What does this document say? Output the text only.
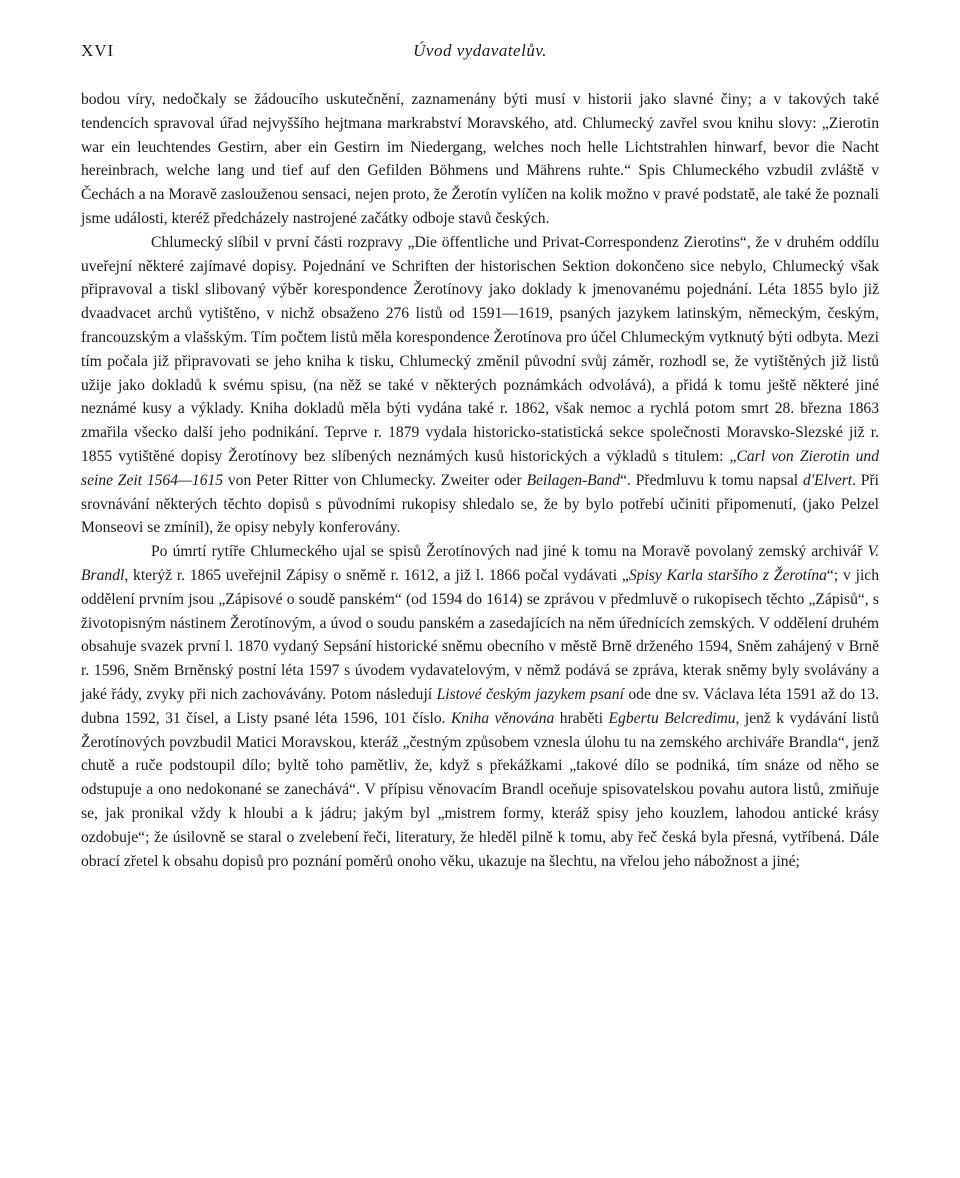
XVI	Úvod vydavatelův.

bodou víry, nedočkaly se žádoucího uskutečnění, zaznamenány býti musí v historii jako slavné činy; a v takových také tendencích spravoval úřad nejvyššího hejtmana markrabství Moravského, atd. Chlumecký zavřel svou knihu slovy: „Zierotin war ein leuchtendes Gestirn, aber ein Gestirn im Niedergang, welches noch helle Lichtstrahlen hinwarf, bevor die Nacht hereinbrach, welche lang und tief auf den Gefilden Böhmens und Mährens ruhte.“ Spis Chlumeckého vzbudil zvláště v Čechách a na Moravě zaslouženou sensaci, nejen proto, že Žerotín vylíčen na kolik možno v pravé podstatě, ale také že poznali jsme události, kteréž předcházely nastrojené začátky odboje stavů českých.

Chlumecký slíbil v první části rozpravy „Die öffentliche und Privat-Correspondenz Zierotins“, že v druhém oddílu uveřejní některé zajímavé dopisy. Pojednání ve Schriften der historischen Sektion dokončeno sice nebylo, Chlumecký však připravoval a tiskl slibovaný výběr korespondence Žerotínovy jako doklady k jmenovanému pojednání. Léta 1855 bylo již dvaadvacet archů vytištěno, v nichž obsaženo 276 listů od 1591—1619, psaných jazykem latinským, německým, českým, francouzským a vlašským. Tím počtem listů měla korespondence Žerotínova pro účel Chlumeckým vytknutý býti odbyta. Mezi tím počala již připravovati se jeho kniha k tisku, Chlumecký změnil původní svůj záměr, rozhodl se, že vytištěných již listů užije jako dokladů k svému spisu, (na něž se také v některých poznámkách odvolává), a přidá k tomu ještě některé jiné neznámé kusy a výklady. Kniha dokladů měla býti vydána také r. 1862, však nemoc a rychlá potom smrt 28. března 1863 zmařila všecko další jeho podnikání. Teprve r. 1879 vydala historicko-statistická sekce společnosti Moravsko-Slezské již r. 1855 vytištěné dopisy Žerotínovy bez slíbených neznámých kusů historických a výkladů s titulem: „Carl von Zierotin und seine Zeit 1564—1615 von Peter Ritter von Chlumecky. Zweiter oder Beilagen-Band“. Předmluvu k tomu napsal d'Elvert. Při srovnávání některých těchto dopisů s původními rukopisy shledalo se, že by bylo potřebí učiniti připomenutí, (jako Pelzel Monseovi se zmínil), že opisy nebyly konferovány.

Po úmrtí rytíře Chlumeckého ujal se spisů Žerotínových nad jiné k tomu na Moravě povolaný zemský archivář V. Brandl, kterýž r. 1865 uveřejnil Zápisy o sněmě r. 1612, a již l. 1866 počal vydávati „Spisy Karla staršího z Žerotína“; v jich oddělení prvním jsou „Zápisové o soudě panském“ (od 1594 do 1614) se zprávou v předmluvě o rukopisech těchto „Zápisů“, s životopisným nástinem Žerotínovým, a úvod o soudu panském a zasedajících na něm úřednících zemských. V oddělení druhém obsahuje svazek první l. 1870 vydaný Sepsání historické sněmu obecního v městě Brně drženého 1594, Sněm zahájený v Brně r. 1596, Sněm Brněnský postní léta 1597 s úvodem vydavatelovým, v němž podává se zpráva, kterak sněmy byly svolávány a jaké řády, zvyky při nich zachovávány. Potom následují Listové českým jazykem psaní ode dne sv. Václava léta 1591 až do 13. dubna 1592, 31 čísel, a Listy psané léta 1596, 101 číslo. Kniha věnována hraběti Egbertu Belcredimu, jenž k vydávání listů Žerotínových povzbudil Matici Moravskou, kteráž „čestným způsobem vznesla úlohu tu na zemského archiváře Brandla“, jenž chutě a ruče podstoupil dílo; byltě toho pamětliv, že, když s překážkami „takové dílo se podniká, tím snáze od něho se odstupuje a ono nedokonané se zanechává“. V přípisu věnovacím Brandl oceňuje spisovatelskou povahu autora listů, zmiňuje se, jak pronikal vždy k hloubi a k jádru; jakým byl „mistrem formy, kteráž spisy jeho kouzlem, lahodou antické krásy ozdobuje“; že úsilovně se staral o zvelebení řeči, literatury, že hleděl pilně k tomu, aby řeč česká byla přesná, vytříbená. Dále obrací zřetel k obsahu dopisů pro poznání poměrů onoho věku, ukazuje na šlechtu, na vřelou jeho nábožnost a jiné;
